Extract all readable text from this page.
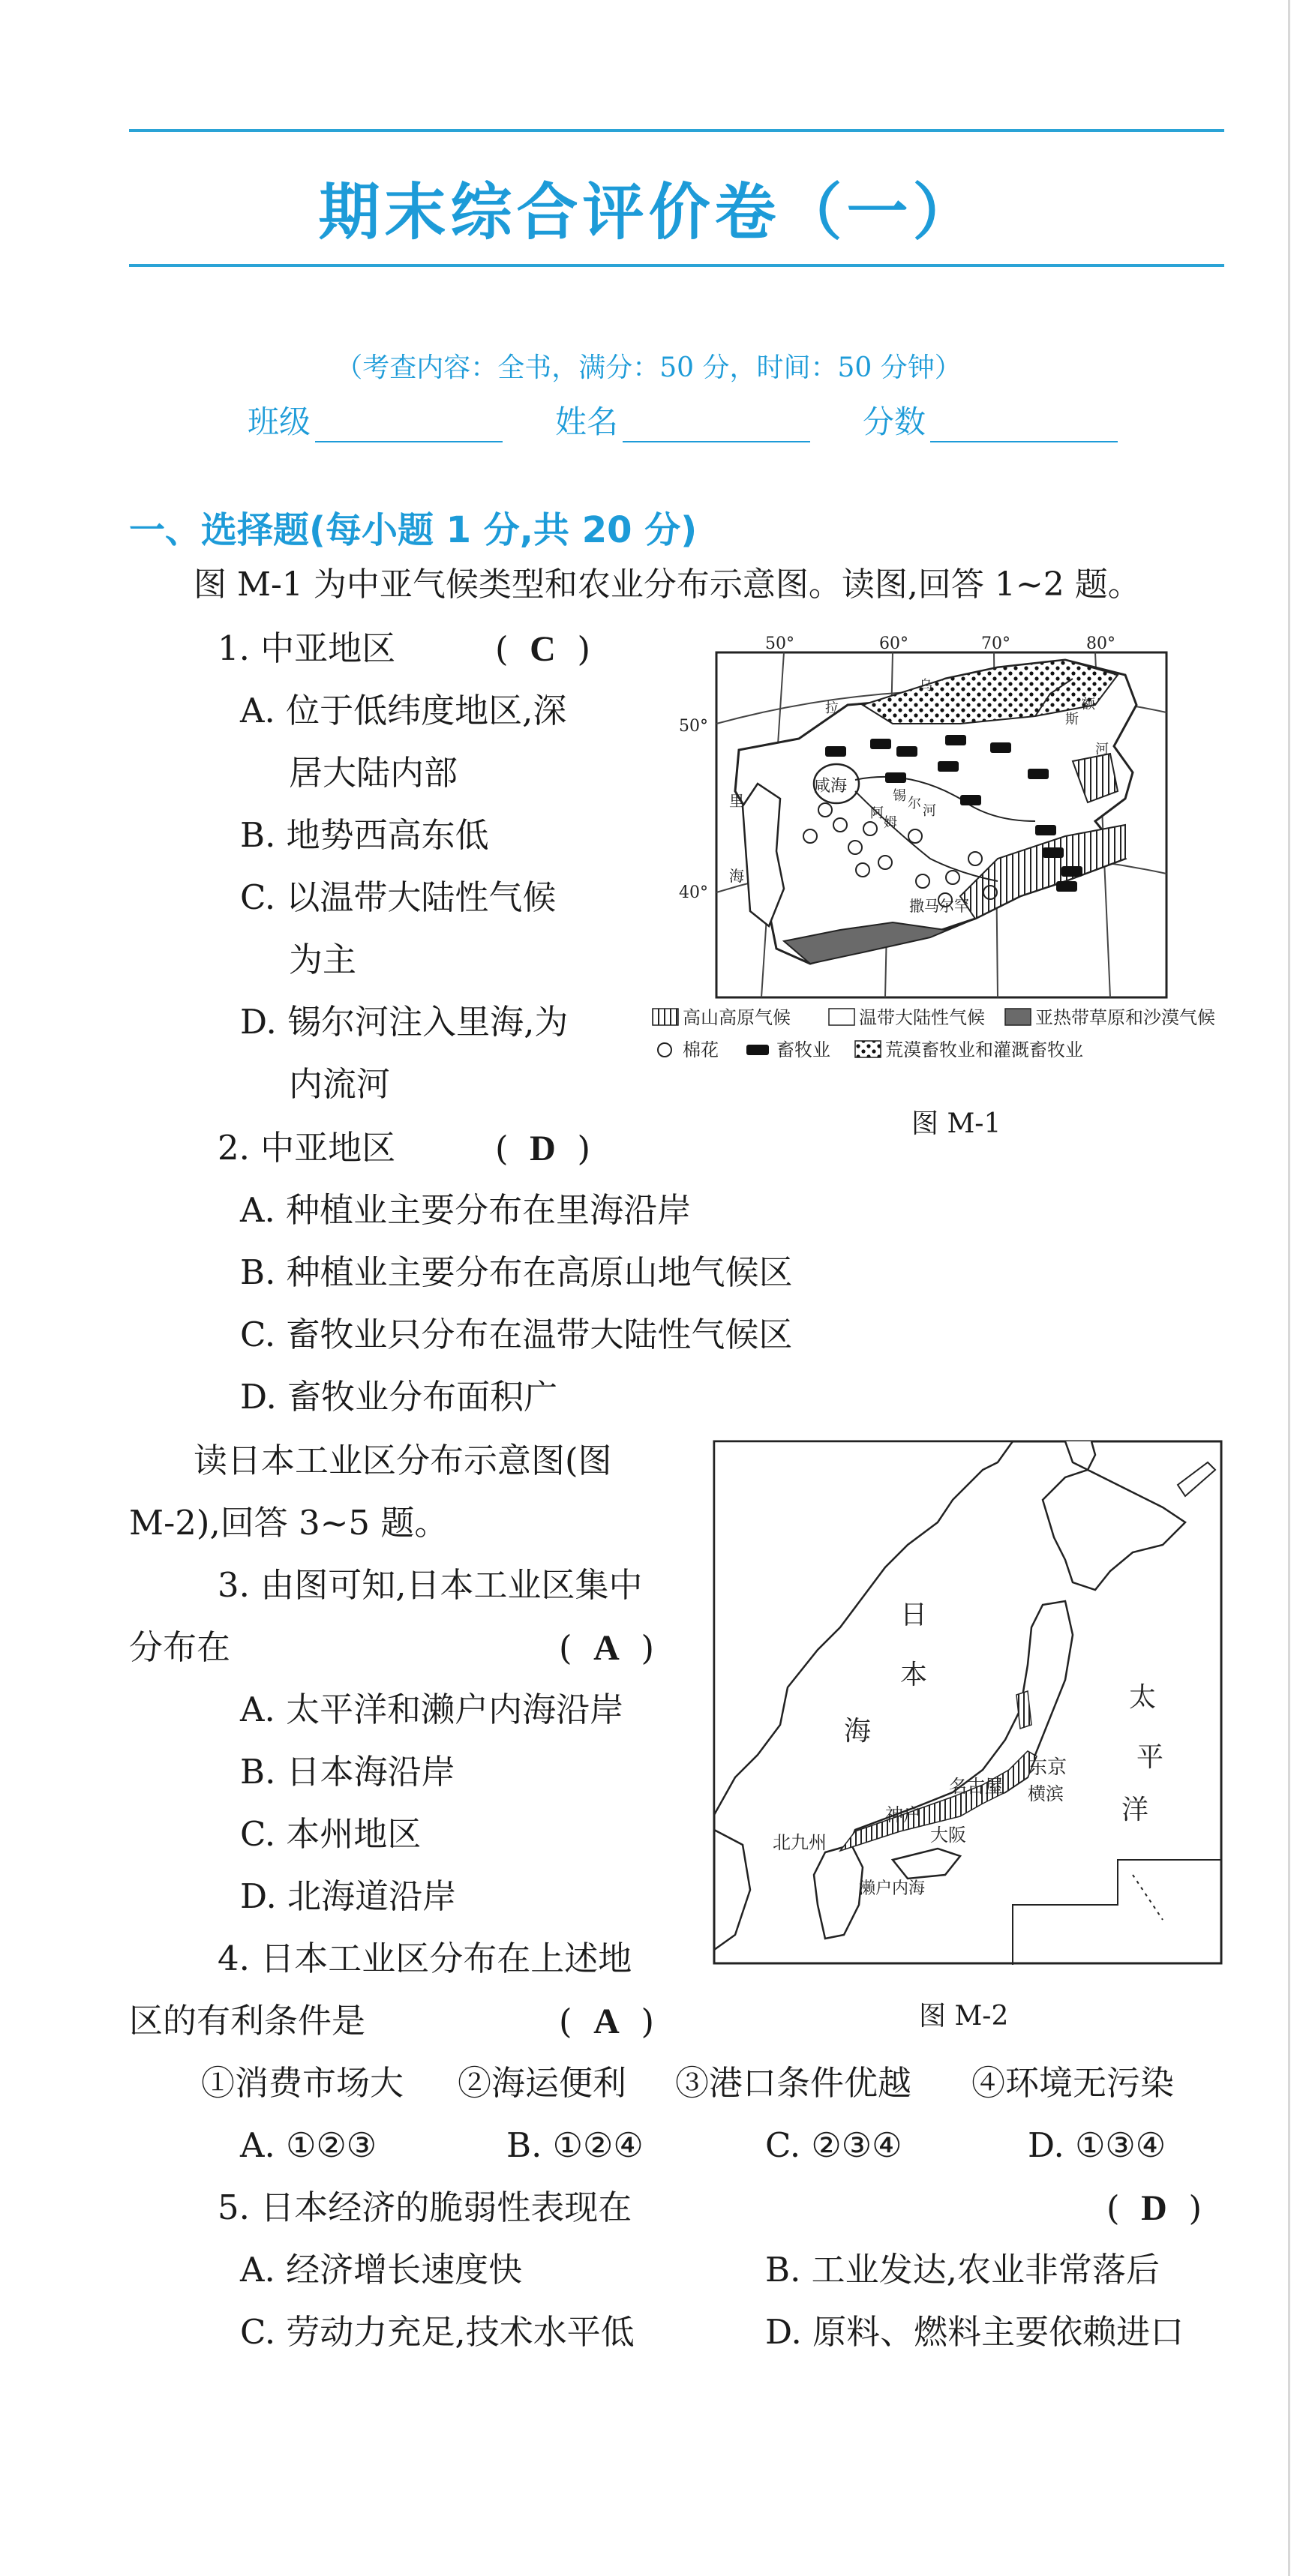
期末综合评价卷（一）
（考查内容：全书，满分：50 分，时间：50 分钟）
班级	姓名	分数
一、选择题(每小题 1 分,共 20 分)
图 M-1 为中亚气候类型和农业分布示意图。读图,回答 1~2 题。
1. 中亚地区	(  C  )
A. 位于低纬度地区,深
居大陆内部
B. 地势西高东低
C. 以温带大陆性气候
为主
D. 锡尔河注入里海,为
内流河
50°	60°	70°	80°
50°
40°
咸海
撒马尔罕
拉
乌
斯
额
河
里
海
锡 尔 河
阿
姆
高山高原气候	温带大陆性气候	亚热带草原和沙漠气候
棉花	畜牧业	荒漠畜牧业和灌溉畜牧业
图 M-1
2. 中亚地区	(  D  )
A. 种植业主要分布在里海沿岸
B. 种植业主要分布在高原山地气候区
C. 畜牧业只分布在温带大陆性气候区
D. 畜牧业分布面积广
读日本工业区分布示意图(图
M-2),回答 3~5 题。
3. 由图可知,日本工业区集中
分布在	(  A  )
A. 太平洋和濑户内海沿岸
B. 日本海沿岸
C. 本州地区
D. 北海道沿岸
日
本
海
太
平
洋
东京
横滨
名古屋
神户
大阪
北九州
濑户内海
图 M-2
4. 日本工业区分布在上述地
区的有利条件是	(  A  )
①消费市场大 ②海运便利 ③港口条件优越 ④环境无污染
A. ①②③	B. ①②④	C. ②③④	D. ①③④
5. 日本经济的脆弱性表现在	(  D  )
A. 经济增长速度快	B. 工业发达,农业非常落后
C. 劳动力充足,技术水平低	D. 原料、燃料主要依赖进口
